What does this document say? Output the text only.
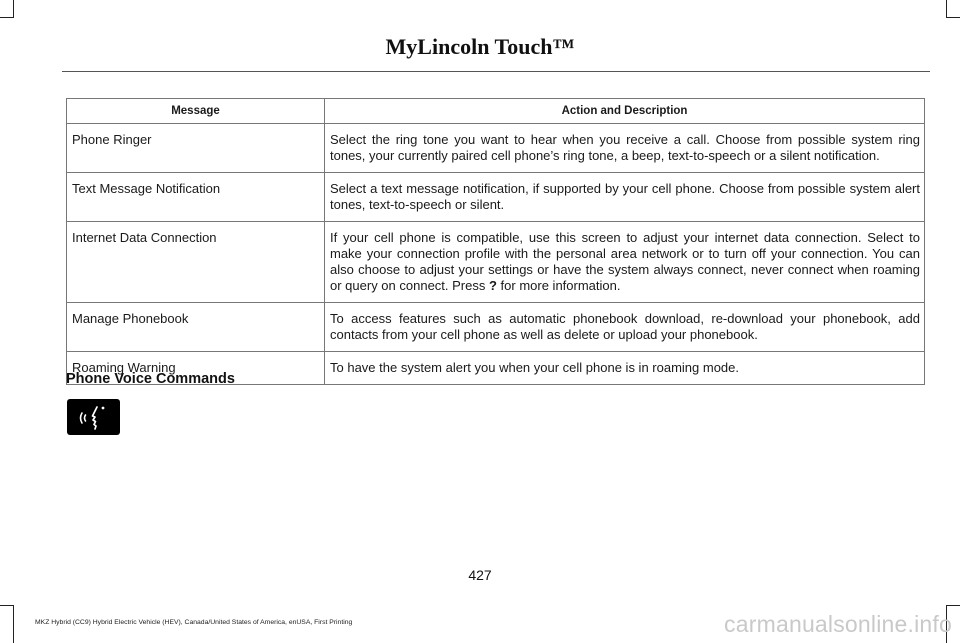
MyLincoln Touch™
Message	Action and Description
Phone Ringer	Select the ring tone you want to hear when you receive a call. Choose from possible system ring tones, your currently paired cell phone’s ring tone, a beep, text-to-speech or a silent notification.
Text Message Notification	Select a text message notification, if supported by your cell phone. Choose from possible system alert tones, text-to-speech or silent.
Internet Data Connection	If your cell phone is compatible, use this screen to adjust your internet data connection. Select to make your connection profile with the personal area network or to turn off your connection. You can also choose to adjust your settings or have the system always connect, never connect when roaming or query on connect. Press ? for more information.
Manage Phonebook	To access features such as automatic phonebook download, re-download your phonebook, add contacts from your cell phone as well as delete or upload your phonebook.
Roaming Warning	To have the system alert you when your cell phone is in roaming mode.
Phone Voice Commands
427
MKZ Hybrid (CC9) Hybrid Electric Vehicle (HEV), Canada/United States of America, enUSA, First Printing	carmanualsonline.info
